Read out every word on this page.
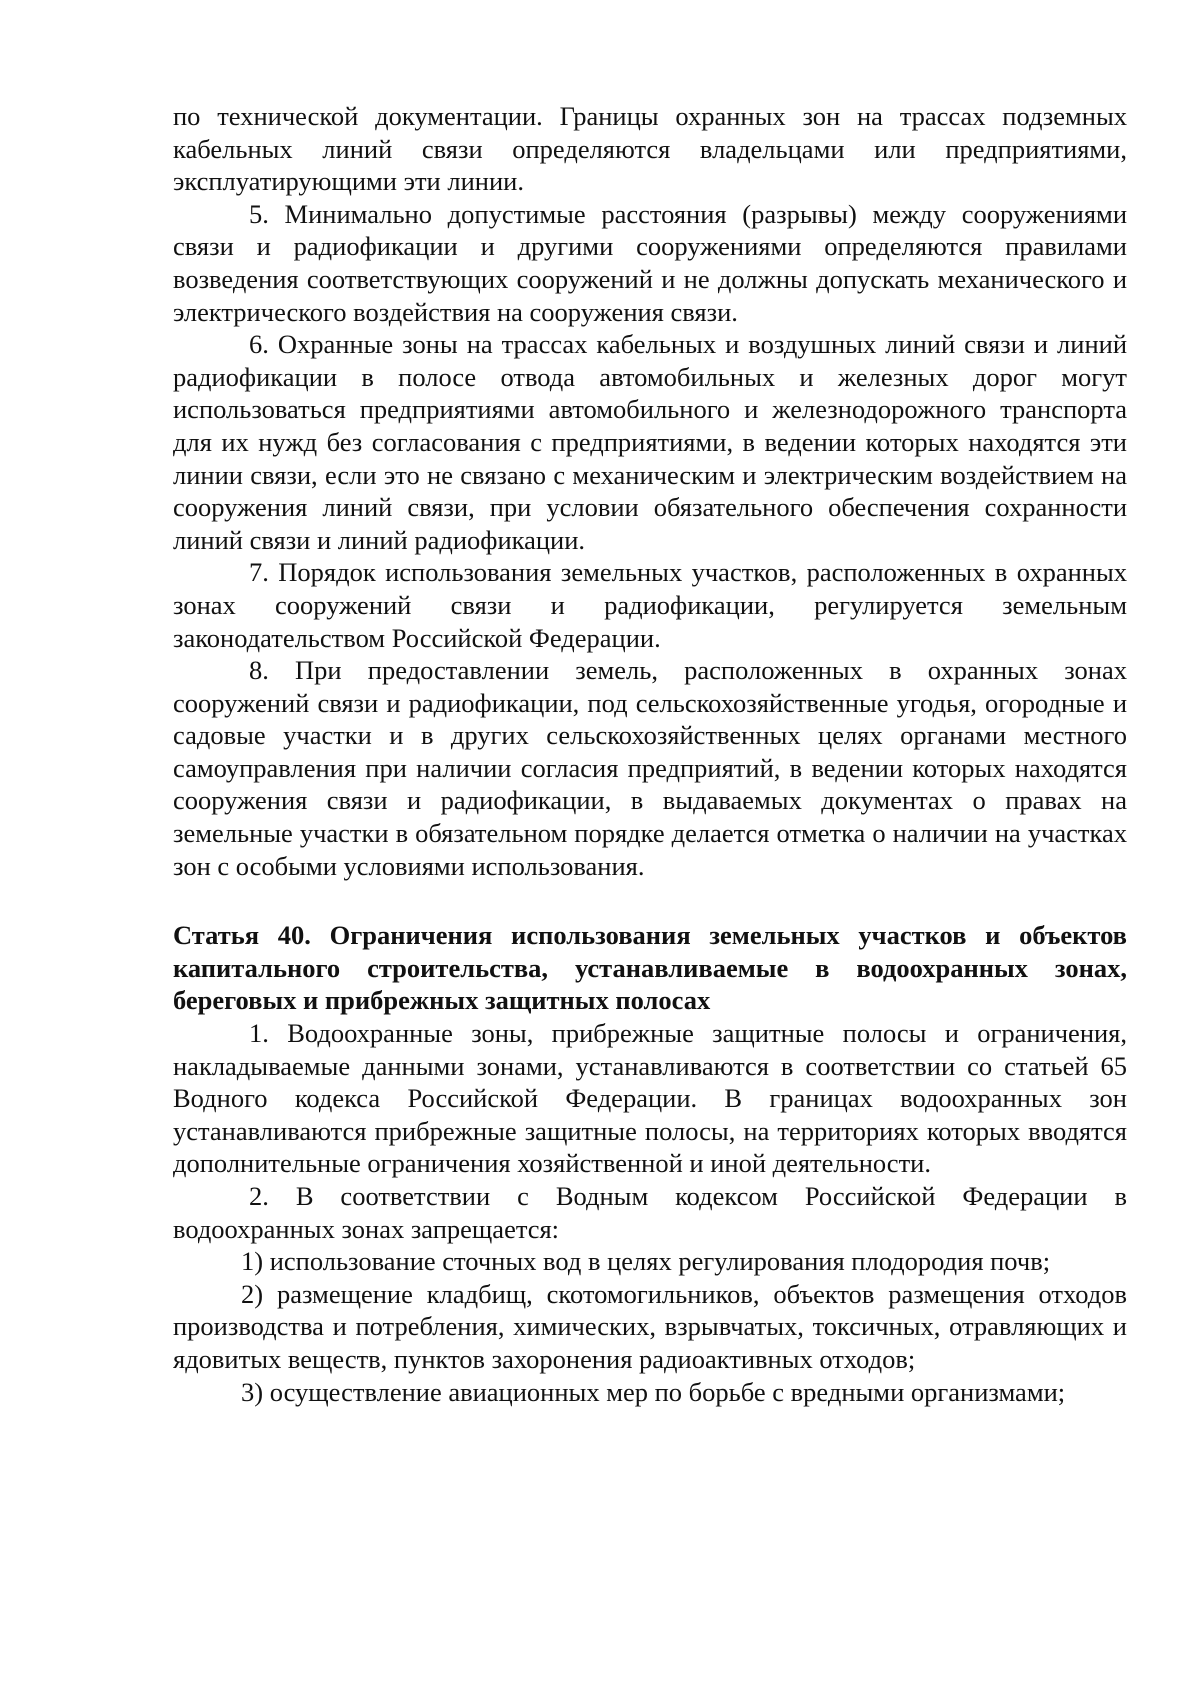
по технической документации. Границы охранных зон на трассах подземных кабельных линий связи определяются владельцами или предприятиями, эксплуатирующими эти линии.

5. Минимально допустимые расстояния (разрывы) между сооружениями связи и радиофикации и другими сооружениями определяются правилами возведения соответствующих сооружений и не должны допускать механического и электрического воздействия на сооружения связи.

6. Охранные зоны на трассах кабельных и воздушных линий связи и линий радиофикации в полосе отвода автомобильных и железных дорог могут использоваться предприятиями автомобильного и железнодорожного транспорта для их нужд без согласования с предприятиями, в ведении которых находятся эти линии связи, если это не связано с механическим и электрическим воздействием на сооружения линий связи, при условии обязательного обеспечения сохранности линий связи и линий радиофикации.

7. Порядок использования земельных участков, расположенных в охранных зонах сооружений связи и радиофикации, регулируется земельным законодательством Российской Федерации.

8. При предоставлении земель, расположенных в охранных зонах сооружений связи и радиофикации, под сельскохозяйственные угодья, огородные и садовые участки и в других сельскохозяйственных целях органами местного самоуправления при наличии согласия предприятий, в ведении которых находятся сооружения связи и радиофикации, в выдаваемых документах о правах на земельные участки в обязательном порядке делается отметка о наличии на участках зон с особыми условиями использования.

Статья 40. Ограничения использования земельных участков и объектов капитального строительства, устанавливаемые в водоохранных зонах, береговых и прибрежных защитных полосах

1. Водоохранные зоны, прибрежные защитные полосы и ограничения, накладываемые данными зонами, устанавливаются в соответствии со статьей 65 Водного кодекса Российской Федерации. В границах водоохранных зон устанавливаются прибрежные защитные полосы, на территориях которых вводятся дополнительные ограничения хозяйственной и иной деятельности.

2. В соответствии с Водным кодексом Российской Федерации в водоохранных зонах запрещается:

1) использование сточных вод в целях регулирования плодородия почв;

2) размещение кладбищ, скотомогильников, объектов размещения отходов производства и потребления, химических, взрывчатых, токсичных, отравляющих и ядовитых веществ, пунктов захоронения радиоактивных отходов;

3) осуществление авиационных мер по борьбе с вредными организмами;
